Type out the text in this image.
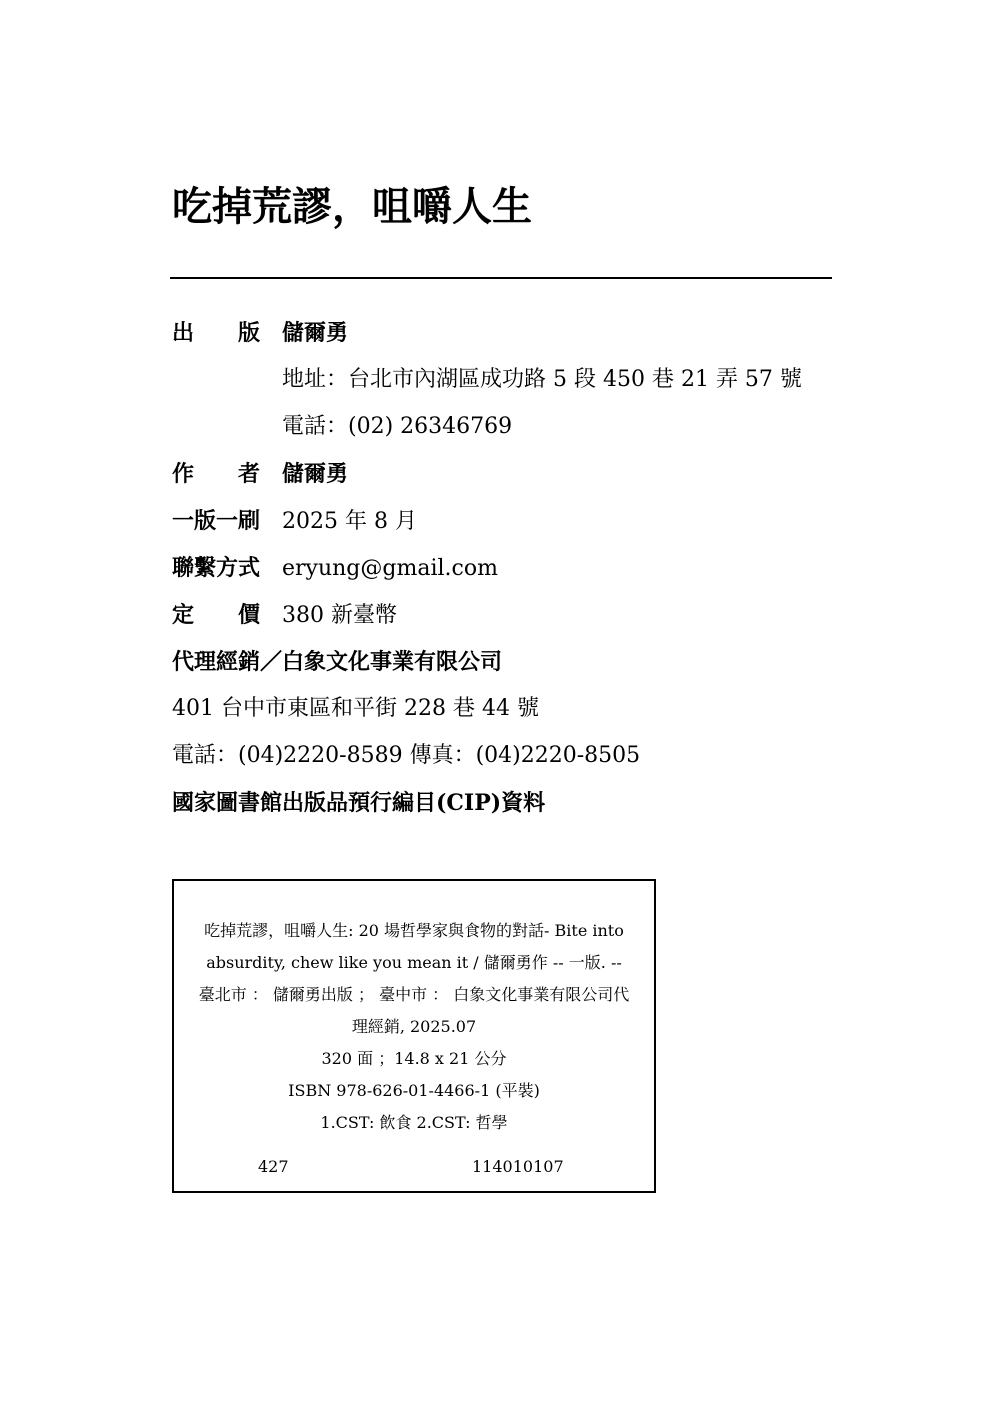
吃掉荒謬，咀嚼人生
出　　版 儲爾勇
地址：台北市內湖區成功路 5 段 450 巷 21 弄 57 號
電話：(02) 26346769
作　　者 儲爾勇
一版一刷 2025 年 8 月
聯繫方式 eryung@gmail.com
定　　價 380 新臺幣
代理經銷／白象文化事業有限公司
401 台中市東區和平街 228 巷 44 號
電話：(04)2220-8589 傳真：(04)2220-8505
國家圖書館出版品預行編目(CIP)資料
吃掉荒謬，咀嚼人生: 20 場哲學家與食物的對話- Bite into
absurdity, chew like you mean it / 儲爾勇作 -- 一版. --
臺北市 ： 儲爾勇出版 ； 臺中市 ： 白象文化事業有限公司代
理經銷, 2025.07
320 面 ；14.8 x 21 公分
ISBN 978-626-01-4466-1 (平裝)
1.CST: 飲食 2.CST: 哲學
427	114010107
